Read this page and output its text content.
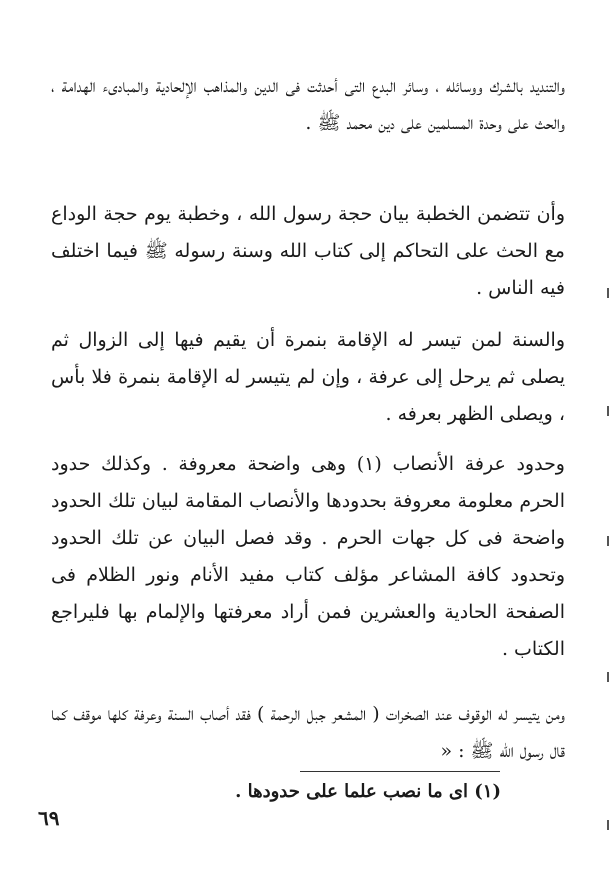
والتنديد بالشرك ووسائله ، وسائر البدع التى أحدثت فى الدين والمذاهب الإلحادية والمبادىء الهدامة ، والحث على وحدة المسلمين على دين محمد ﷺ .

وأن تتضمن الخطبة بيان حجة رسول الله ، وخطبة يوم حجة الوداع مع الحث على التحاكم إلى كتاب الله وسنة رسوله ﷺ فيما اختلف فيه الناس .

والسنة لمن تيسر له الإقامة بنمرة أن يقيم فيها إلى الزوال ثم يصلى ثم يرحل إلى عرفة ، وإن لم يتيسر له الإقامة بنمرة فلا بأس ، ويصلى الظهر بعرفه .

وحدود عرفة الأنصاب (١) وهى واضحة معروفة . وكذلك حدود الحرم معلومة معروفة بحدودها والأنصاب المقامة لبيان تلك الحدود واضحة فى كل جهات الحرم . وقد فصل البيان عن تلك الحدود وتحدود كافة المشاعر مؤلف كتاب مفيد الأنام ونور الظلام فى الصفحة الحادية والعشرين فمن أراد معرفتها والإلمام بها فليراجع الكتاب .

ومن يتيسر له الوقوف عند الصخرات ( المشعر جبل الرحمة ) فقد أصاب السنة وعرفة كلها موقف كما قال رسول الله ﷺ : «

(١) اى ما نصب علما على حدودها .
٦٩
